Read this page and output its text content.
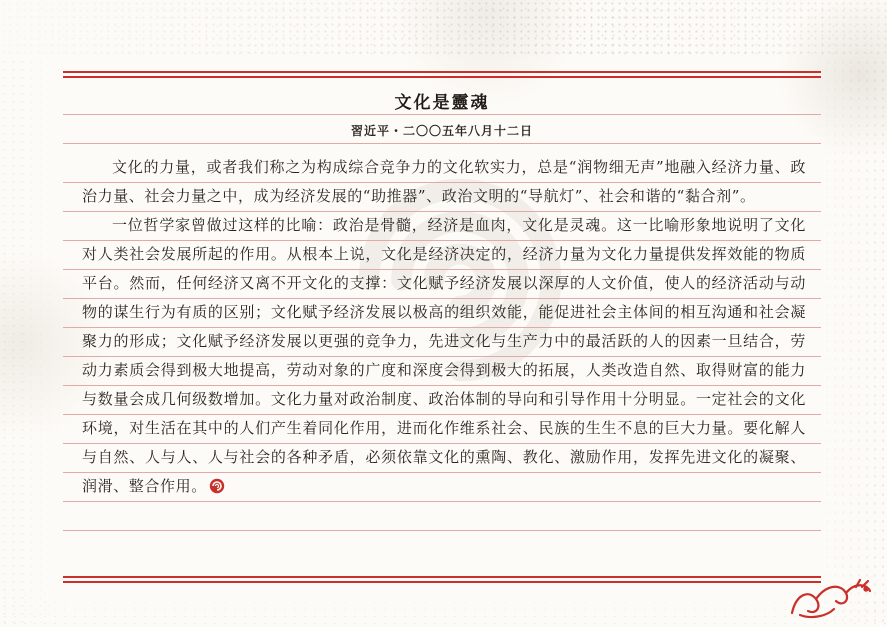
文化是靈魂
習近平・二〇〇五年八月十二日

文化的力量，或者我们称之为构成综合竞争力的文化软实力，总是“润物细无声”地融入经济力量、政治力量、社会力量之中，成为经济发展的“助推器”、政治文明的“导航灯”、社会和谐的“黏合剂”。

一位哲学家曾做过这样的比喻：政治是骨髓，经济是血肉，文化是灵魂。这一比喻形象地说明了文化对人类社会发展所起的作用。从根本上说，文化是经济决定的，经济力量为文化力量提供发挥效能的物质平台。然而，任何经济又离不开文化的支撑：文化赋予经济发展以深厚的人文价值，使人的经济活动与动物的谋生行为有质的区别；文化赋予经济发展以极高的组织效能，能促进社会主体间的相互沟通和社会凝聚力的形成；文化赋予经济发展以更强的竞争力，先进文化与生产力中的最活跃的人的因素一旦结合，劳动力素质会得到极大地提高，劳动对象的广度和深度会得到极大的拓展，人类改造自然、取得财富的能力与数量会成几何级数增加。文化力量对政治制度、政治体制的导向和引导作用十分明显。一定社会的文化环境，对生活在其中的人们产生着同化作用，进而化作维系社会、民族的生生不息的巨大力量。要化解人与自然、人与人、人与社会的各种矛盾，必须依靠文化的熏陶、教化、激励作用，发挥先进文化的凝聚、润滑、整合作用。
